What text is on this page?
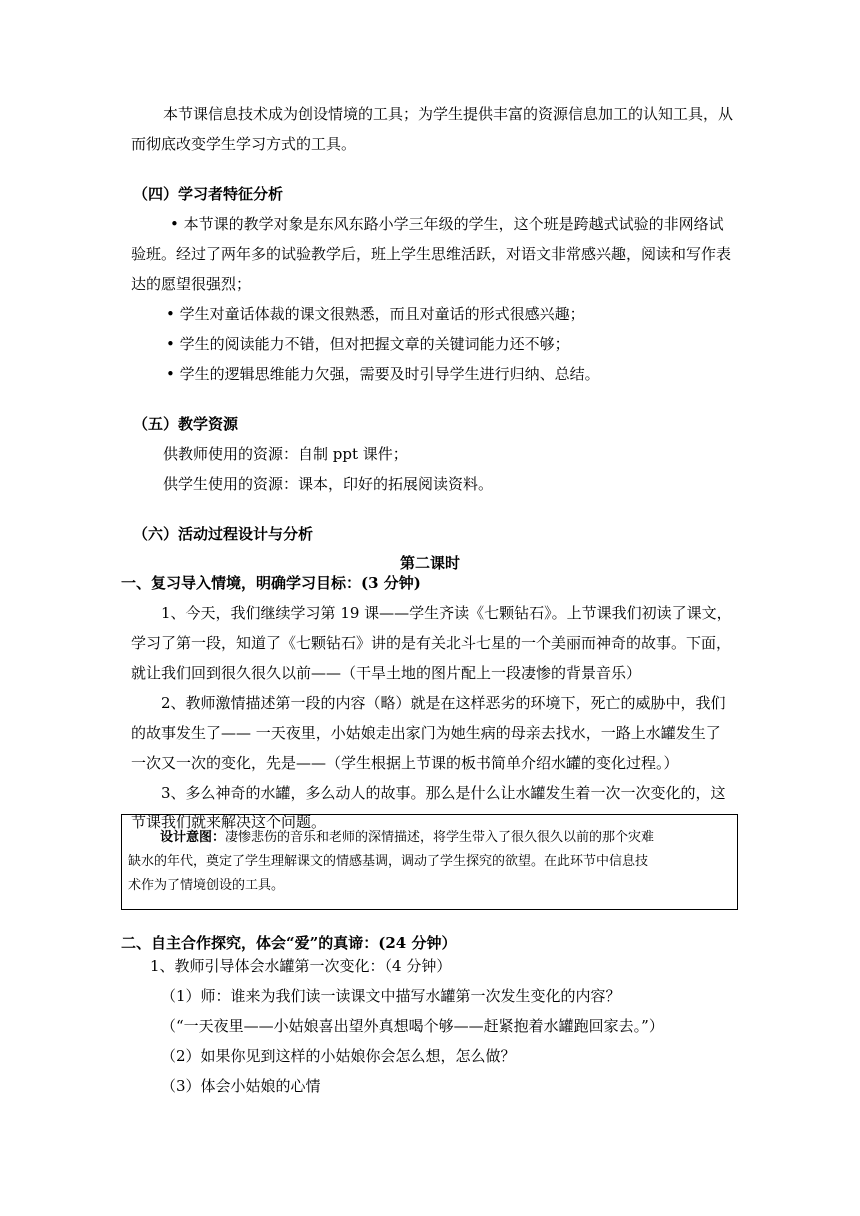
本节课信息技术成为创设情境的工具；为学生提供丰富的资源信息加工的认知工具，从
而彻底改变学生学习方式的工具。
（四）学习者特征分析
• 本节课的教学对象是东风东路小学三年级的学生，这个班是跨越式试验的非网络试
验班。经过了两年多的试验教学后，班上学生思维活跃，对语文非常感兴趣，阅读和写作表
达的愿望很强烈；
• 学生对童话体裁的课文很熟悉，而且对童话的形式很感兴趣；
• 学生的阅读能力不错，但对把握文章的关键词能力还不够；
• 学生的逻辑思维能力欠强，需要及时引导学生进行归纳、总结。
（五）教学资源
供教师使用的资源：自制 ppt 课件；
供学生使用的资源：课本，印好的拓展阅读资料。
（六）活动过程设计与分析
第二课时
一、复习导入情境，明确学习目标：(3 分钟)
1、今天，我们继续学习第 19 课——学生齐读《七颗钻石》。上节课我们初读了课文，
学习了第一段，知道了《七颗钻石》讲的是有关北斗七星的一个美丽而神奇的故事。下面，
就让我们回到很久很久以前——（干旱土地的图片配上一段凄惨的背景音乐）
2、教师激情描述第一段的内容（略）就是在这样恶劣的环境下，死亡的威胁中，我们
的故事发生了—— 一天夜里，小姑娘走出家门为她生病的母亲去找水，一路上水罐发生了
一次又一次的变化，先是——（学生根据上节课的板书简单介绍水罐的变化过程。）
3、多么神奇的水罐，多么动人的故事。那么是什么让水罐发生着一次一次变化的，这
节课我们就来解决这个问题。
设计意图：凄惨悲伤的音乐和老师的深情描述，将学生带入了很久很久以前的那个灾难
缺水的年代，奠定了学生理解课文的情感基调，调动了学生探究的欲望。在此环节中信息技
术作为了情境创设的工具。
二、自主合作探究，体会“爱”的真谛：(24 分钟）
1、教师引导体会水罐第一次变化：（4 分钟）
（1）师：谁来为我们读一读课文中描写水罐第一次发生变化的内容？
（“一天夜里——小姑娘喜出望外真想喝个够——赶紧抱着水罐跑回家去。”）
（2）如果你见到这样的小姑娘你会怎么想，怎么做？
（3）体会小姑娘的心情
